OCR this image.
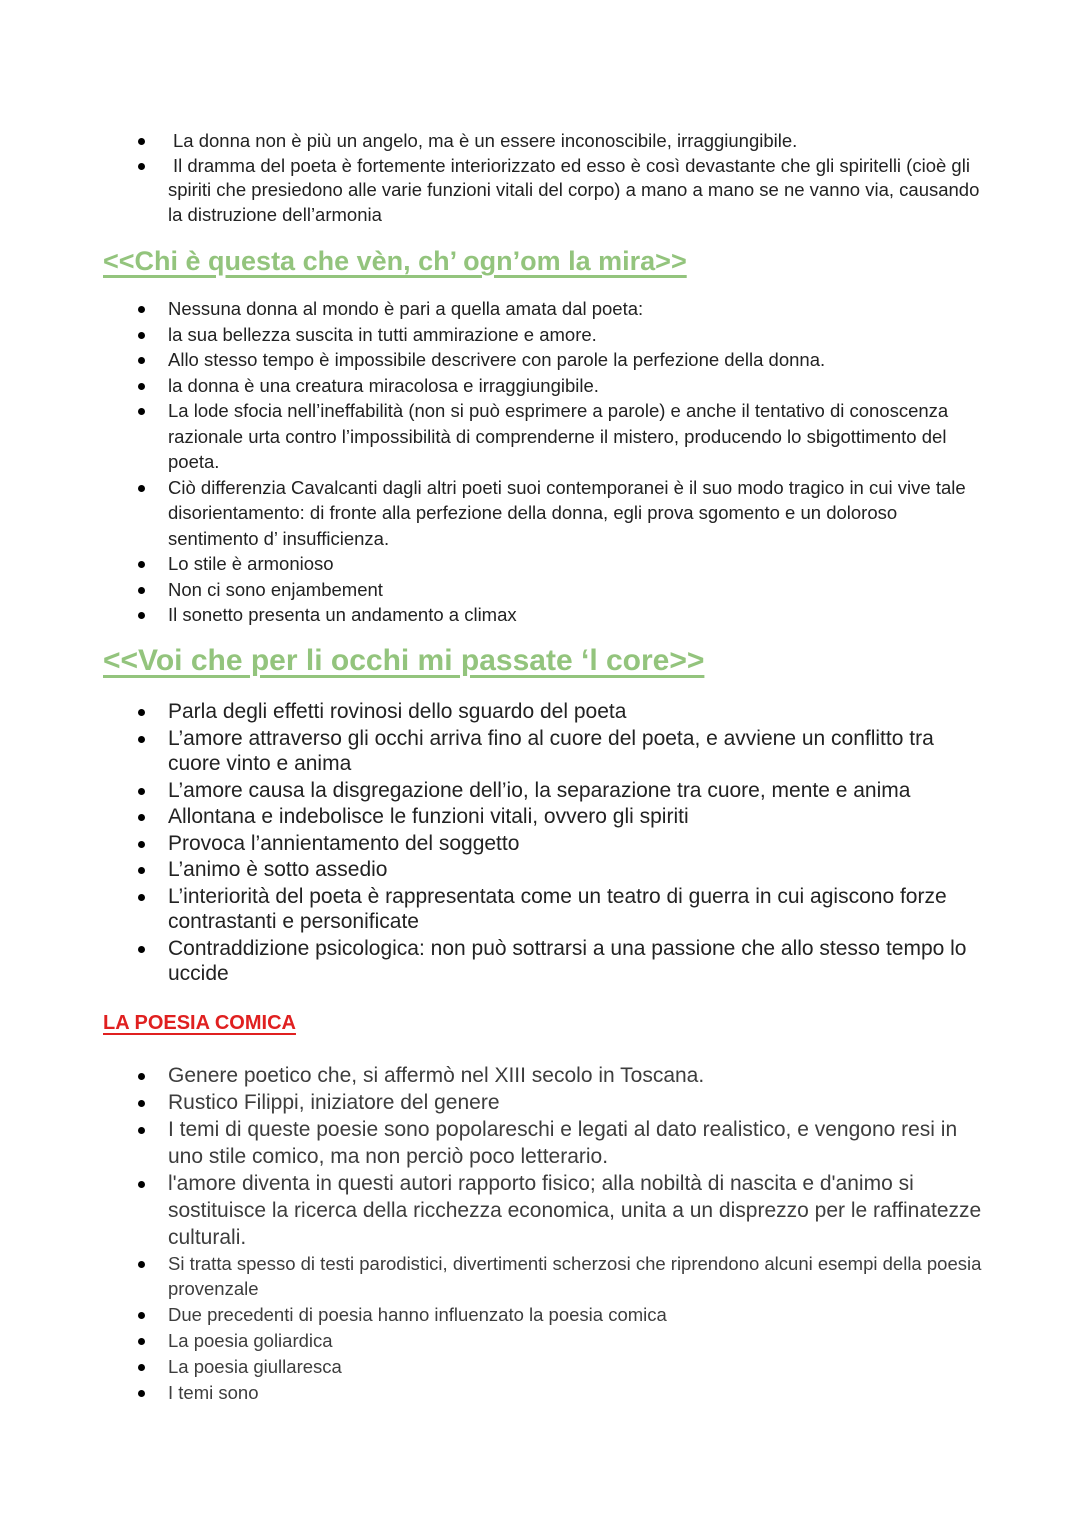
La donna non è più un angelo, ma è un essere inconoscibile, irraggiungibile.
Il dramma del poeta è fortemente interiorizzato ed esso è così devastante che gli spiritelli (cioè gli spiriti che presiedono alle varie funzioni vitali del corpo) a mano a mano se ne vanno via, causando la distruzione dell’armonia
<<Chi è questa che vèn, ch’ ogn’om la mira>>
Nessuna donna al mondo è pari a quella amata dal poeta:
la sua bellezza suscita in tutti ammirazione e amore.
Allo stesso tempo è impossibile descrivere con parole la perfezione della donna.
la donna è una creatura miracolosa e irraggiungibile.
La lode sfocia nell’ineffabilità (non si può esprimere a parole) e anche il tentativo di conoscenza razionale urta contro l’impossibilità di comprenderne il mistero, producendo lo sbigottimento del poeta.
Ciò differenzia Cavalcanti dagli altri poeti suoi contemporanei è il suo modo tragico in cui vive tale disorientamento: di fronte alla perfezione della donna, egli prova sgomento e un doloroso sentimento d’ insufficienza.
Lo stile è armonioso
Non ci sono enjambement
Il sonetto presenta un andamento a climax
<<Voi che per li occhi mi passate ‘l core>>
Parla degli effetti rovinosi dello sguardo del poeta
L’amore attraverso gli occhi arriva fino al cuore del poeta, e avviene un conflitto tra cuore vinto e anima
L’amore causa la disgregazione dell’io, la separazione tra cuore, mente e anima
Allontana e indebolisce le funzioni vitali, ovvero gli spiriti
Provoca l’annientamento del soggetto
L’animo è sotto assedio
L’interiorità del poeta è rappresentata come un teatro di guerra in cui agiscono forze contrastanti e personificate
Contraddizione psicologica: non può sottrarsi a una passione che allo stesso tempo lo uccide
LA POESIA COMICA
Genere poetico che, si affermò nel XIII secolo in Toscana.
Rustico Filippi, iniziatore del genere
I temi di queste poesie sono popolareschi e legati al dato realistico, e vengono resi in uno stile comico, ma non perciò poco letterario.
l'amore diventa in questi autori rapporto fisico; alla nobiltà di nascita e d'animo si sostituisce la ricerca della ricchezza economica, unita a un disprezzo per le raffinatezze culturali.
Si tratta spesso di testi parodistici, divertimenti scherzosi che riprendono alcuni esempi della poesia provenzale
Due precedenti di poesia hanno influenzato la poesia comica
La poesia goliardica
La poesia giullaresca
I temi sono
